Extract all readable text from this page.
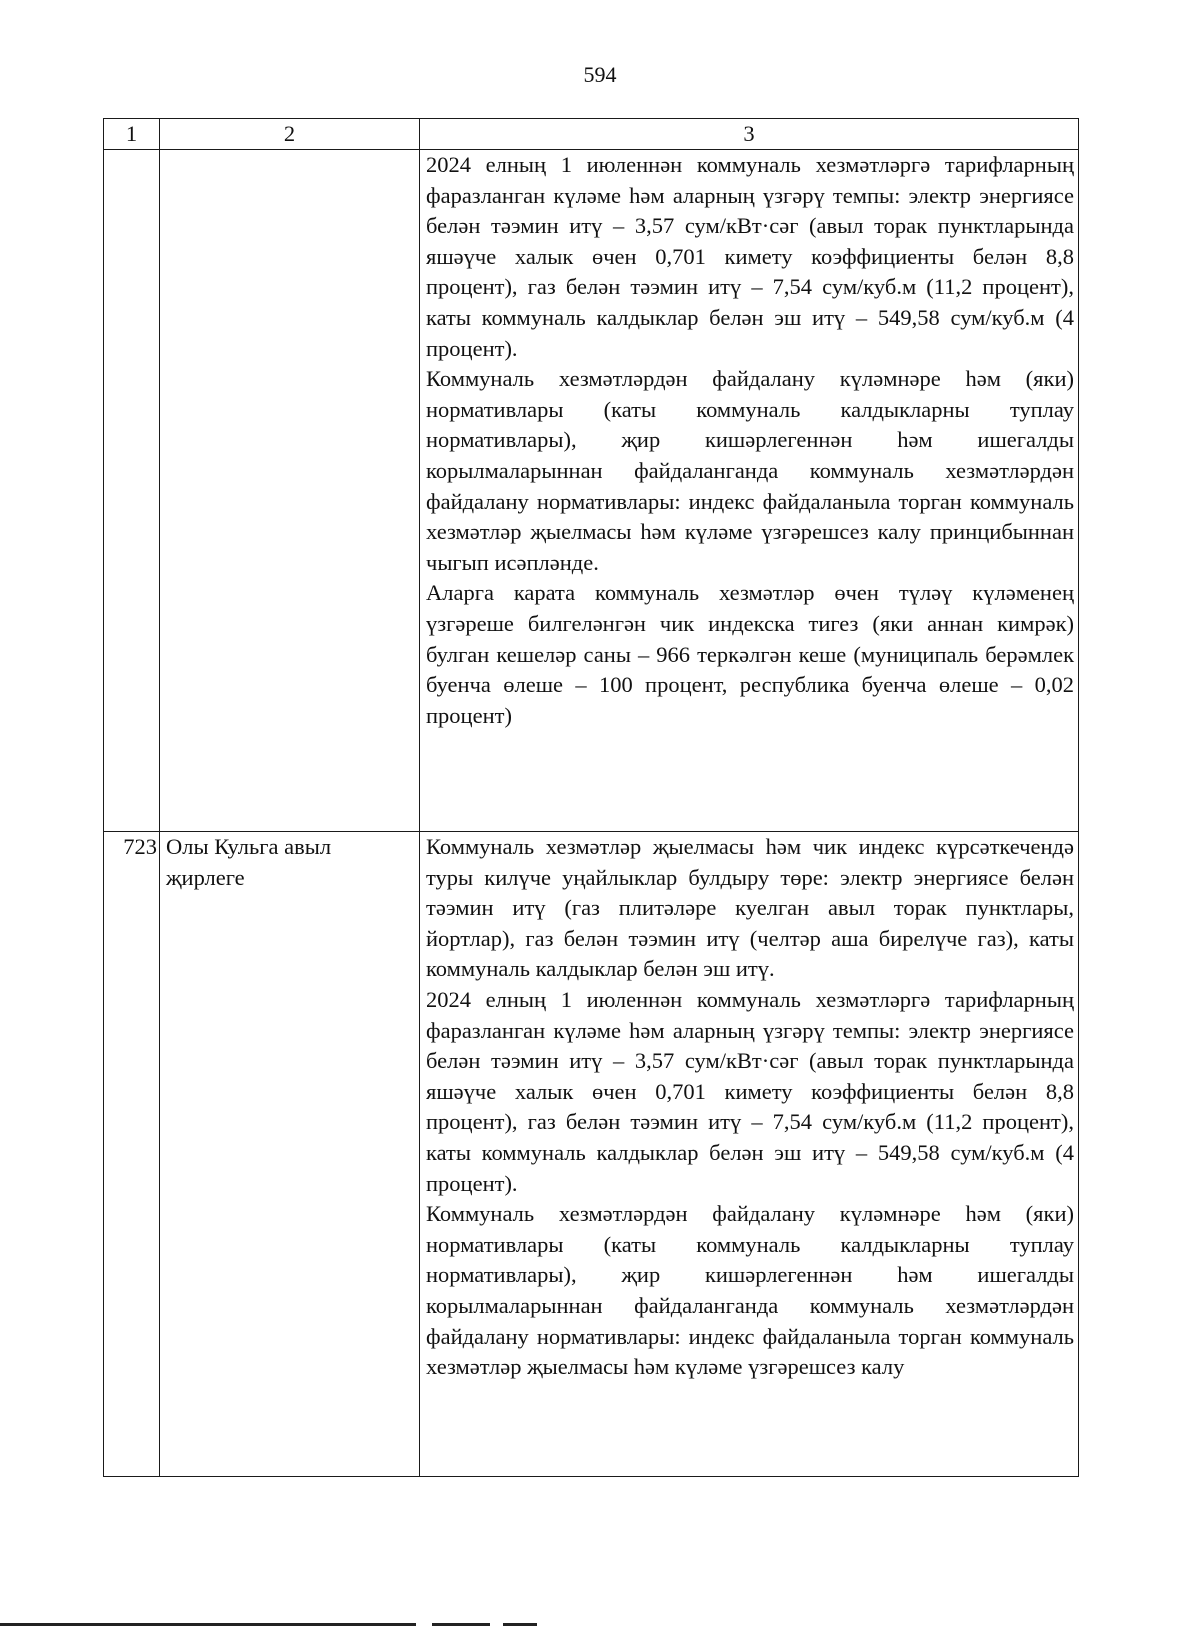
594
1	2	3

		2024 елның 1 июленнән коммуналь хезмәтләргә тарифларның фаразланган күләме һәм аларның үзгәрү темпы: электр энергиясе белән тәэмин итү – 3,57 сум/кВт·сәг (авыл торак пунктларында яшәүче халык өчен 0,701 кимету коэффициенты белән 8,8 процент), газ белән тәэмин итү – 7,54 сум/куб.м (11,2 процент), каты коммуналь калдыклар белән эш итү – 549,58 сум/куб.м (4 процент).

Коммуналь хезмәтләрдән файдалану күләмнәре һәм (яки) нормативлары (каты коммуналь калдыкларны туплау нормативлары), җир кишәрлегеннән һәм ишегалды корылмаларыннан файдаланганда коммуналь хезмәтләрдән файдалану нормативлары: индекс файдаланыла торган коммуналь хезмәтләр җыелмасы һәм күләме үзгәрешсез калу принцибыннан чыгып исәпләнде.

Аларга карата коммуналь хезмәтләр өчен түләү күләменең үзгәреше билгеләнгән чик индекска тигез (яки аннан кимрәк) булган кешеләр саны – 966 теркәлгән кеше (муниципаль берәмлек буенча өлеше – 100 процент, республика буенча өлеше – 0,02 процент)

723	Олы Кульга авыл җирлеге	Коммуналь хезмәтләр җыелмасы һәм чик индекс күрсәткечендә туры килүче уңайлыклар булдыру төре: электр энергиясе белән тәэмин итү (газ плитәләре куелган авыл торак пунктлары, йортлар), газ белән тәэмин итү (челтәр аша бирелүче газ), каты коммуналь калдыклар белән эш итү.

2024 елның 1 июленнән коммуналь хезмәтләргә тарифларның фаразланган күләме һәм аларның үзгәрү темпы: электр энергиясе белән тәэмин итү – 3,57 сум/кВт·сәг (авыл торак пунктларында яшәүче халык өчен 0,701 кимету коэффициенты белән 8,8 процент), газ белән тәэмин итү – 7,54 сум/куб.м (11,2 процент), каты коммуналь калдыклар белән эш итү – 549,58 сум/куб.м (4 процент).

Коммуналь хезмәтләрдән файдалану күләмнәре һәм (яки) нормативлары (каты коммуналь калдыкларны туплау нормативлары), җир кишәрлегеннән һәм ишегалды корылмаларыннан файдаланганда коммуналь хезмәтләрдән файдалану нормативлары: индекс файдаланыла торган коммуналь хезмәтләр җыелмасы һәм күләме үзгәрешсез калу
